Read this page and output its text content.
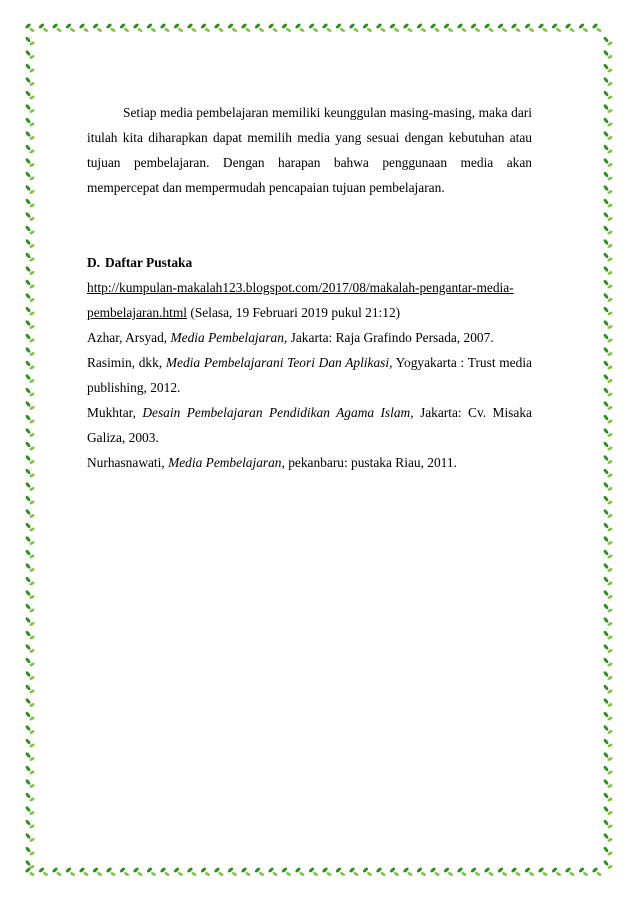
Setiap media pembelajaran memiliki keunggulan masing-masing, maka dari itulah kita diharapkan dapat memilih media yang sesuai dengan kebutuhan atau tujuan pembelajaran. Dengan harapan bahwa penggunaan media akan mempercepat dan mempermudah pencapaian tujuan pembelajaran.

D. Daftar Pustaka
http://kumpulan-makalah123.blogspot.com/2017/08/makalah-pengantar-media-
pembelajaran.html (Selasa, 19 Februari 2019 pukul 21:12)
Azhar, Arsyad, Media Pembelajaran, Jakarta: Raja Grafindo Persada, 2007.
Rasimin, dkk, Media Pembelajarani Teori Dan Aplikasi, Yogyakarta : Trust media
publishing, 2012.
Mukhtar, Desain Pembelajaran Pendidikan Agama Islam, Jakarta: Cv. Misaka
Galiza, 2003.
Nurhasnawati, Media Pembelajaran, pekanbaru: pustaka Riau, 2011.
